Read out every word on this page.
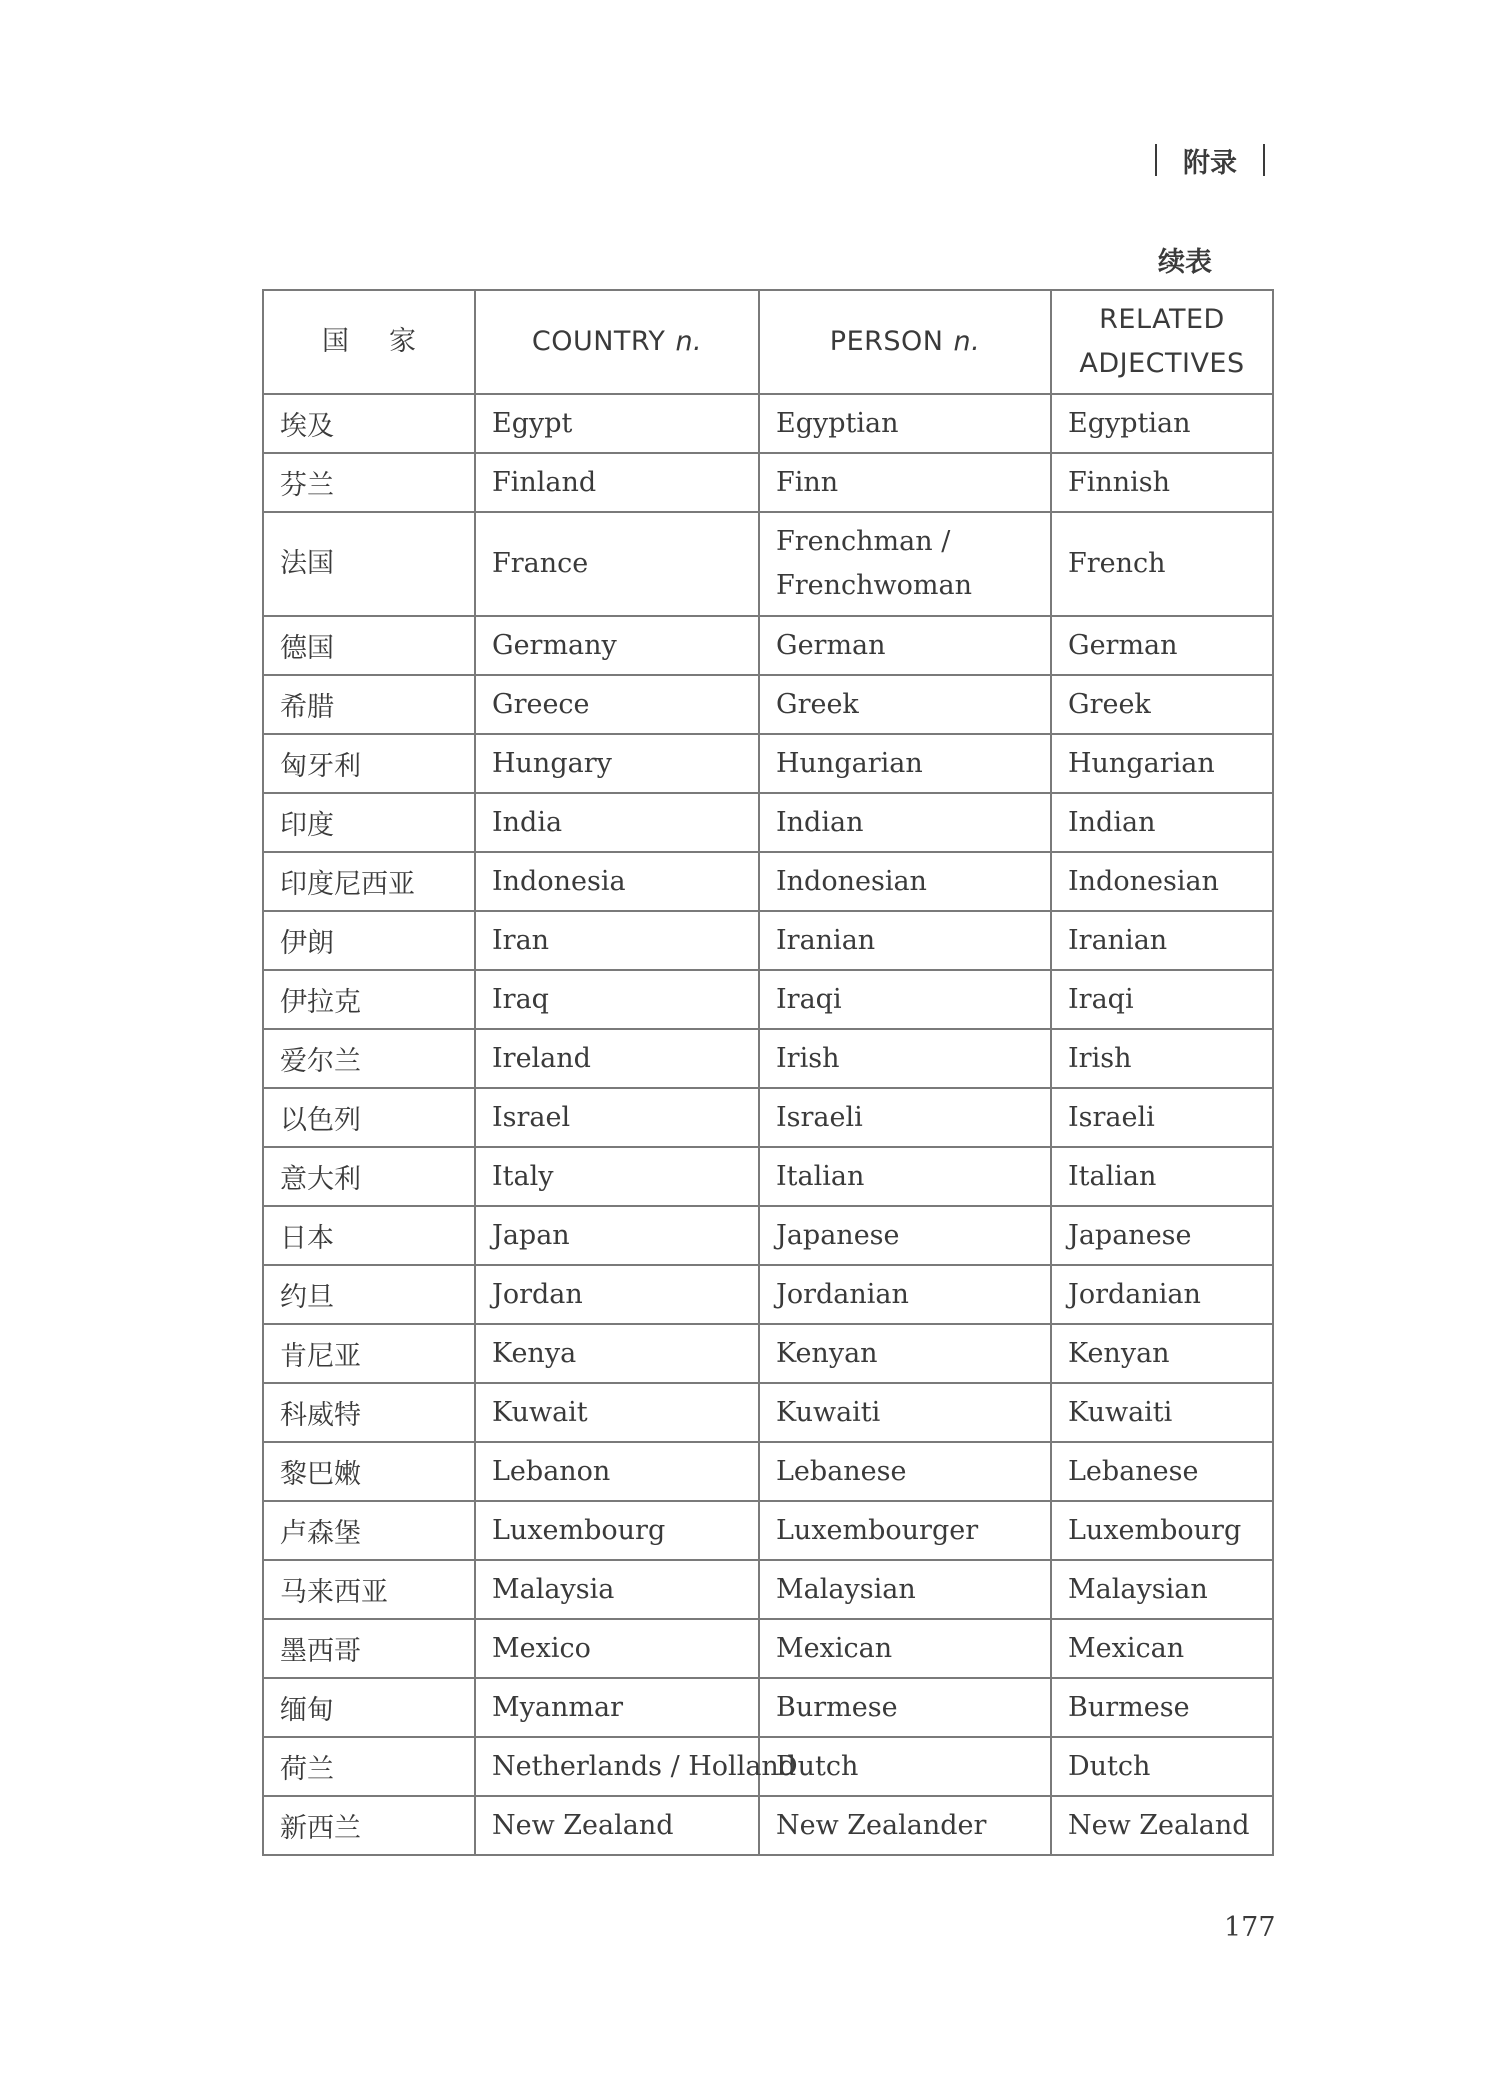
附录
续表
国 家	COUNTRY n.	PERSON n.	RELATED
ADJECTIVES
埃及	Egypt	Egyptian	Egyptian
芬兰	Finland	Finn	Finnish
法国	France	Frenchman /
Frenchwoman	French
德国	Germany	German	German
希腊	Greece	Greek	Greek
匈牙利	Hungary	Hungarian	Hungarian
印度	India	Indian	Indian
印度尼西亚	Indonesia	Indonesian	Indonesian
伊朗	Iran	Iranian	Iranian
伊拉克	Iraq	Iraqi	Iraqi
爱尔兰	Ireland	Irish	Irish
以色列	Israel	Israeli	Israeli
意大利	Italy	Italian	Italian
日本	Japan	Japanese	Japanese
约旦	Jordan	Jordanian	Jordanian
肯尼亚	Kenya	Kenyan	Kenyan
科威特	Kuwait	Kuwaiti	Kuwaiti
黎巴嫩	Lebanon	Lebanese	Lebanese
卢森堡	Luxembourg	Luxembourger	Luxembourg
马来西亚	Malaysia	Malaysian	Malaysian
墨西哥	Mexico	Mexican	Mexican
缅甸	Myanmar	Burmese	Burmese
荷兰	Netherlands / Holland	Dutch	Dutch
新西兰	New Zealand	New Zealander	New Zealand
177
